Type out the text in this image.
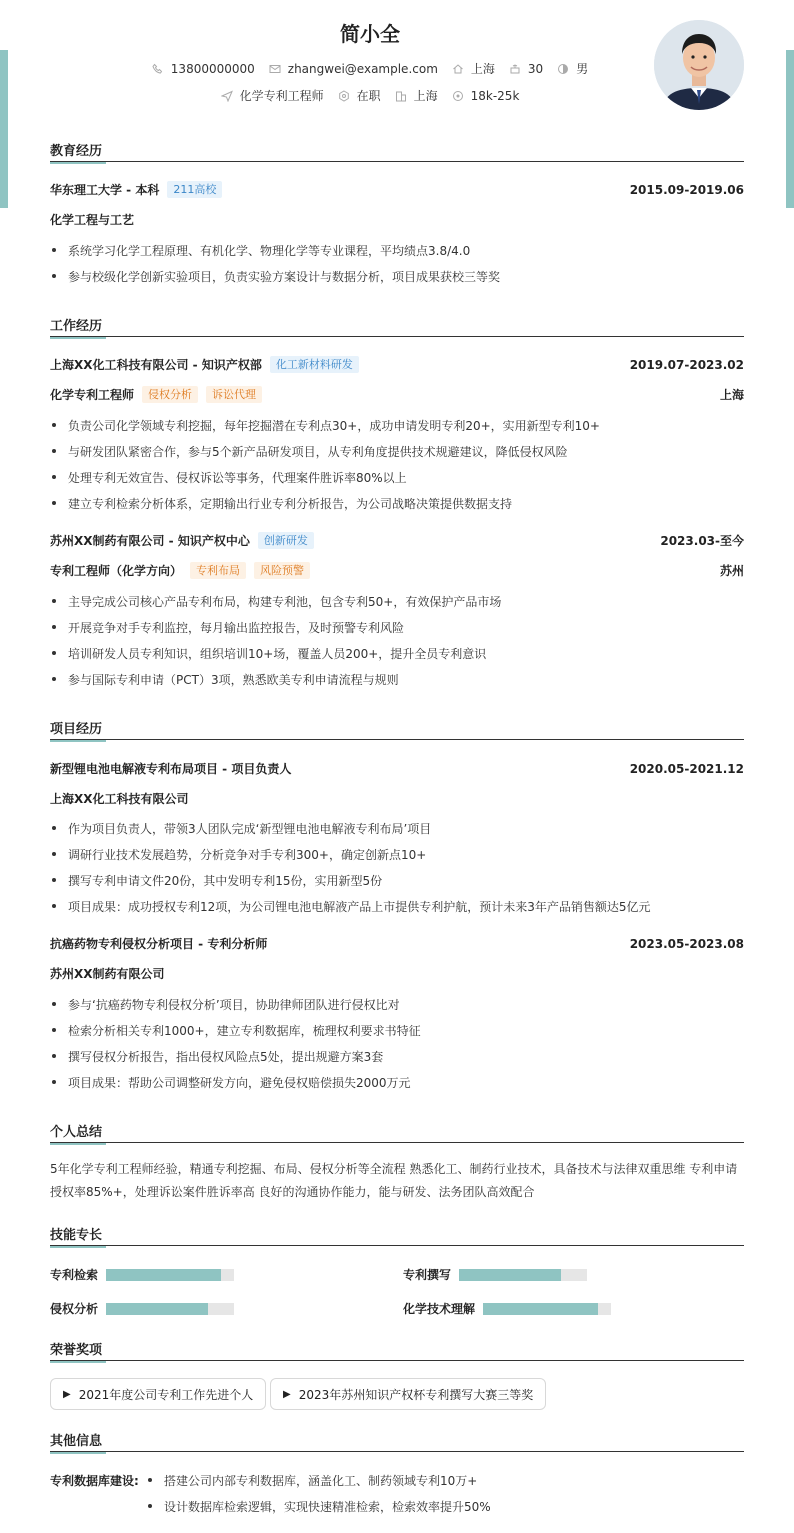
简小全
13800000000	zhangwei@example.com	上海	30	男
化学专利工程师	在职	上海	18k-25k
教育经历
华东理工大学 - 本科	211高校	2015.09-2019.06
化学工程与工艺
系统学习化学工程原理、有机化学、物理化学等专业课程，平均绩点3.8/4.0
参与校级化学创新实验项目，负责实验方案设计与数据分析，项目成果获校三等奖
工作经历
上海XX化工科技有限公司 - 知识产权部	化工新材料研发	2019.07-2023.02
化学专利工程师	侵权分析	诉讼代理	上海
负责公司化学领域专利挖掘，每年挖掘潜在专利点30+，成功申请发明专利20+，实用新型专利10+
与研发团队紧密合作，参与5个新产品研发项目，从专利角度提供技术规避建议，降低侵权风险
处理专利无效宣告、侵权诉讼等事务，代理案件胜诉率80%以上
建立专利检索分析体系，定期输出行业专利分析报告，为公司战略决策提供数据支持
苏州XX制药有限公司 - 知识产权中心	创新研发	2023.03-至今
专利工程师（化学方向）	专利布局	风险预警	苏州
主导完成公司核心产品专利布局，构建专利池，包含专利50+，有效保护产品市场
开展竞争对手专利监控，每月输出监控报告，及时预警专利风险
培训研发人员专利知识，组织培训10+场，覆盖人员200+，提升全员专利意识
参与国际专利申请（PCT）3项，熟悉欧美专利申请流程与规则
项目经历
新型锂电池电解液专利布局项目 - 项目负责人	2020.05-2021.12
上海XX化工科技有限公司
作为项目负责人，带领3人团队完成‘新型锂电池电解液专利布局’项目
调研行业技术发展趋势，分析竞争对手专利300+，确定创新点10+
撰写专利申请文件20份，其中发明专利15份，实用新型5份
项目成果：成功授权专利12项，为公司锂电池电解液产品上市提供专利护航，预计未来3年产品销售额达5亿元
抗癌药物专利侵权分析项目 - 专利分析师	2023.05-2023.08
苏州XX制药有限公司
参与‘抗癌药物专利侵权分析’项目，协助律师团队进行侵权比对
检索分析相关专利1000+，建立专利数据库，梳理权利要求书特征
撰写侵权分析报告，指出侵权风险点5处，提出规避方案3套
项目成果：帮助公司调整研发方向，避免侵权赔偿损失2000万元
个人总结
5年化学专利工程师经验，精通专利挖掘、布局、侵权分析等全流程 熟悉化工、制药行业技术，具备技术与法律双重思维 专利申请授权率85%+，处理诉讼案件胜诉率高 良好的沟通协作能力，能与研发、法务团队高效配合
技能专长
专利检索	专利撰写
侵权分析	化学技术理解
荣誉奖项
▶ 2021年度公司专利工作先进个人	▶ 2023年苏州知识产权杯专利撰写大赛三等奖
其他信息
专利数据库建设:	搭建公司内部专利数据库，涵盖化工、制药领域专利10万+
设计数据库检索逻辑，实现快速精准检索，检索效率提升50%
